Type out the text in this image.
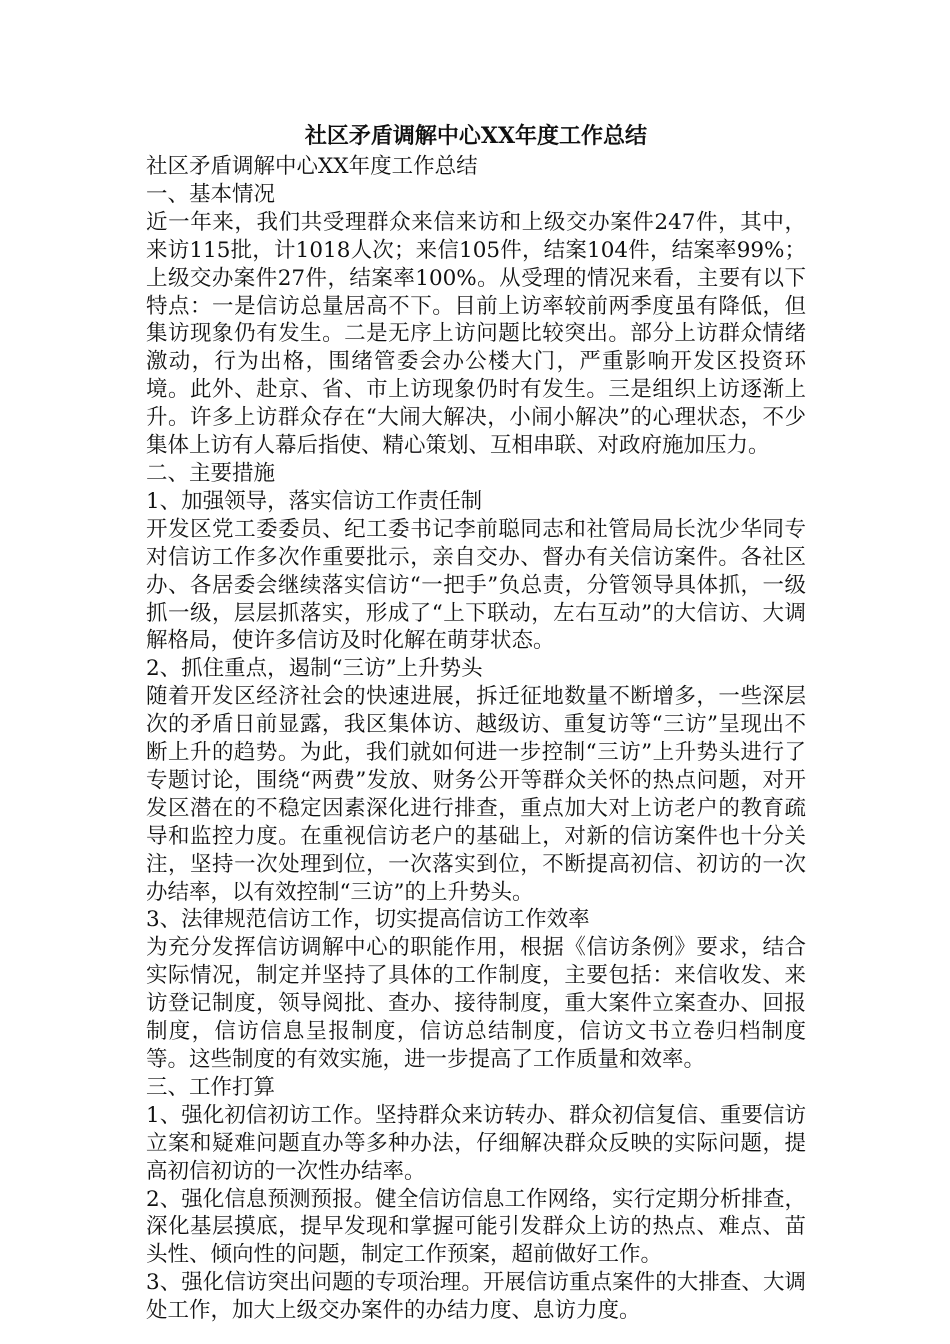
社区矛盾调解中心XX年度工作总结
社区矛盾调解中心XX年度工作总结
一、基本情况
近一年来，我们共受理群众来信来访和上级交办案件247件，其中，来访115批，计1018人次；来信105件，结案104件，结案率99%；上级交办案件27件，结案率100%。从受理的情况来看，主要有以下特点：一是信访总量居高不下。目前上访率较前两季度虽有降低，但集访现象仍有发生。二是无序上访问题比较突出。部分上访群众情绪激动，行为出格，围绪管委会办公楼大门，严重影响开发区投资环境。此外、赴京、省、市上访现象仍时有发生。三是组织上访逐渐上升。许多上访群众存在“大闹大解决，小闹小解决”的心理状态，不少集体上访有人幕后指使、精心策划、互相串联、对政府施加压力。
二、主要措施
1、加强领导，落实信访工作责任制
开发区党工委委员、纪工委书记李前聪同志和社管局局长沈少华同专对信访工作多次作重要批示，亲自交办、督办有关信访案件。各社区办、各居委会继续落实信访“一把手”负总责，分管领导具体抓，一级抓一级，层层抓落实，形成了“上下联动，左右互动”的大信访、大调解格局，使许多信访及时化解在萌芽状态。
2、抓住重点，遏制“三访”上升势头
随着开发区经济社会的快速进展，拆迁征地数量不断增多，一些深层次的矛盾日前显露，我区集体访、越级访、重复访等“三访”呈现出不断上升的趋势。为此，我们就如何进一步控制“三访”上升势头进行了专题讨论，围绕“两费”发放、财务公开等群众关怀的热点问题，对开发区潜在的不稳定因素深化进行排查，重点加大对上访老户的教育疏导和监控力度。在重视信访老户的基础上，对新的信访案件也十分关注，坚持一次处理到位，一次落实到位，不断提高初信、初访的一次办结率，以有效控制“三访”的上升势头。
3、法律规范信访工作，切实提高信访工作效率
为充分发挥信访调解中心的职能作用，根据《信访条例》要求，结合实际情况，制定并坚持了具体的工作制度，主要包括：来信收发、来访登记制度，领导阅批、查办、接待制度，重大案件立案查办、回报制度，信访信息呈报制度，信访总结制度，信访文书立卷归档制度等。这些制度的有效实施，进一步提高了工作质量和效率。
三、工作打算
1、强化初信初访工作。坚持群众来访转办、群众初信复信、重要信访立案和疑难问题直办等多种办法，仔细解决群众反映的实际问题，提高初信初访的一次性办结率。
2、强化信息预测预报。健全信访信息工作网络，实行定期分析排查，深化基层摸底，提早发现和掌握可能引发群众上访的热点、难点、苗头性、倾向性的问题，制定工作预案，超前做好工作。
3、强化信访突出问题的专项治理。开展信访重点案件的大排查、大调处工作，加大上级交办案件的办结力度、息访力度。
